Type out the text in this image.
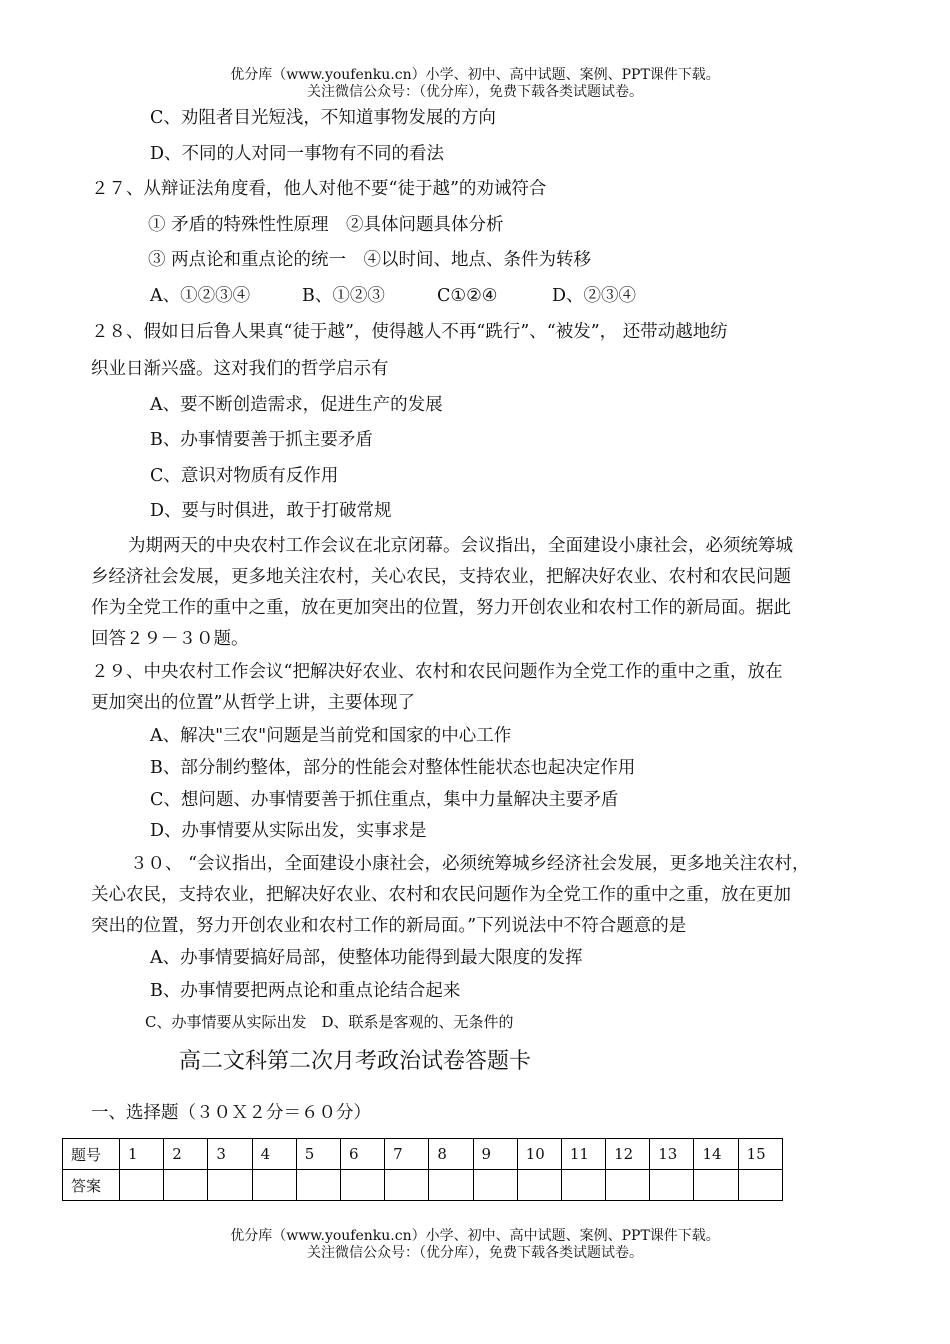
优分库（www.youfenku.cn）小学、初中、高中试题、案例、PPT课件下载。
关注微信公众号：（优分库），免费下载各类试题试卷。
C、劝阻者目光短浅，不知道事物发展的方向
D、不同的人对同一事物有不同的看法
２７、从辩证法角度看，他人对他不要“徒于越”的劝诫符合
① 矛盾的特殊性性原理　②具体问题具体分析
③ 两点论和重点论的统一　④以时间、地点、条件为转移
A、①②③④	B、①②③	C①②④	D、②③④
２８、假如日后鲁人果真“徒于越”，使得越人不再“跣行”、“被发”， 还带动越地纺
织业日渐兴盛。这对我们的哲学启示有
A、要不断创造需求，促进生产的发展
B、办事情要善于抓主要矛盾
C、意识对物质有反作用
D、要与时俱进，敢于打破常规
为期两天的中央农村工作会议在北京闭幕。会议指出，全面建设小康社会，必须统筹城
乡经济社会发展，更多地关注农村，关心农民，支持农业，把解决好农业、农村和农民问题
作为全党工作的重中之重，放在更加突出的位置，努力开创农业和农村工作的新局面。据此
回答２９－３０题。
２９、中央农村工作会议“把解决好农业、农村和农民问题作为全党工作的重中之重，放在
更加突出的位置”从哲学上讲，主要体现了
A、解决"三农"问题是当前党和国家的中心工作
B、部分制约整体，部分的性能会对整体性能状态也起决定作用
C、想问题、办事情要善于抓住重点，集中力量解决主要矛盾
D、办事情要从实际出发，实事求是
３０、 “会议指出，全面建设小康社会，必须统筹城乡经济社会发展，更多地关注农村，
关心农民，支持农业，把解决好农业、农村和农民问题作为全党工作的重中之重，放在更加
突出的位置，努力开创农业和农村工作的新局面。”下列说法中不符合题意的是
A、办事情要搞好局部，使整体功能得到最大限度的发挥
B、办事情要把两点论和重点论结合起来
C、办事情要从实际出发　D、联系是客观的、无条件的
高二文科第二次月考政治试卷答题卡
一、选择题（３０Ｘ２分＝６０分）
题号	1	2	3	4	5	6	7	8	9	10	11	12	13	14	15
答案															
优分库（www.youfenku.cn）小学、初中、高中试题、案例、PPT课件下载。
关注微信公众号：（优分库），免费下载各类试题试卷。
